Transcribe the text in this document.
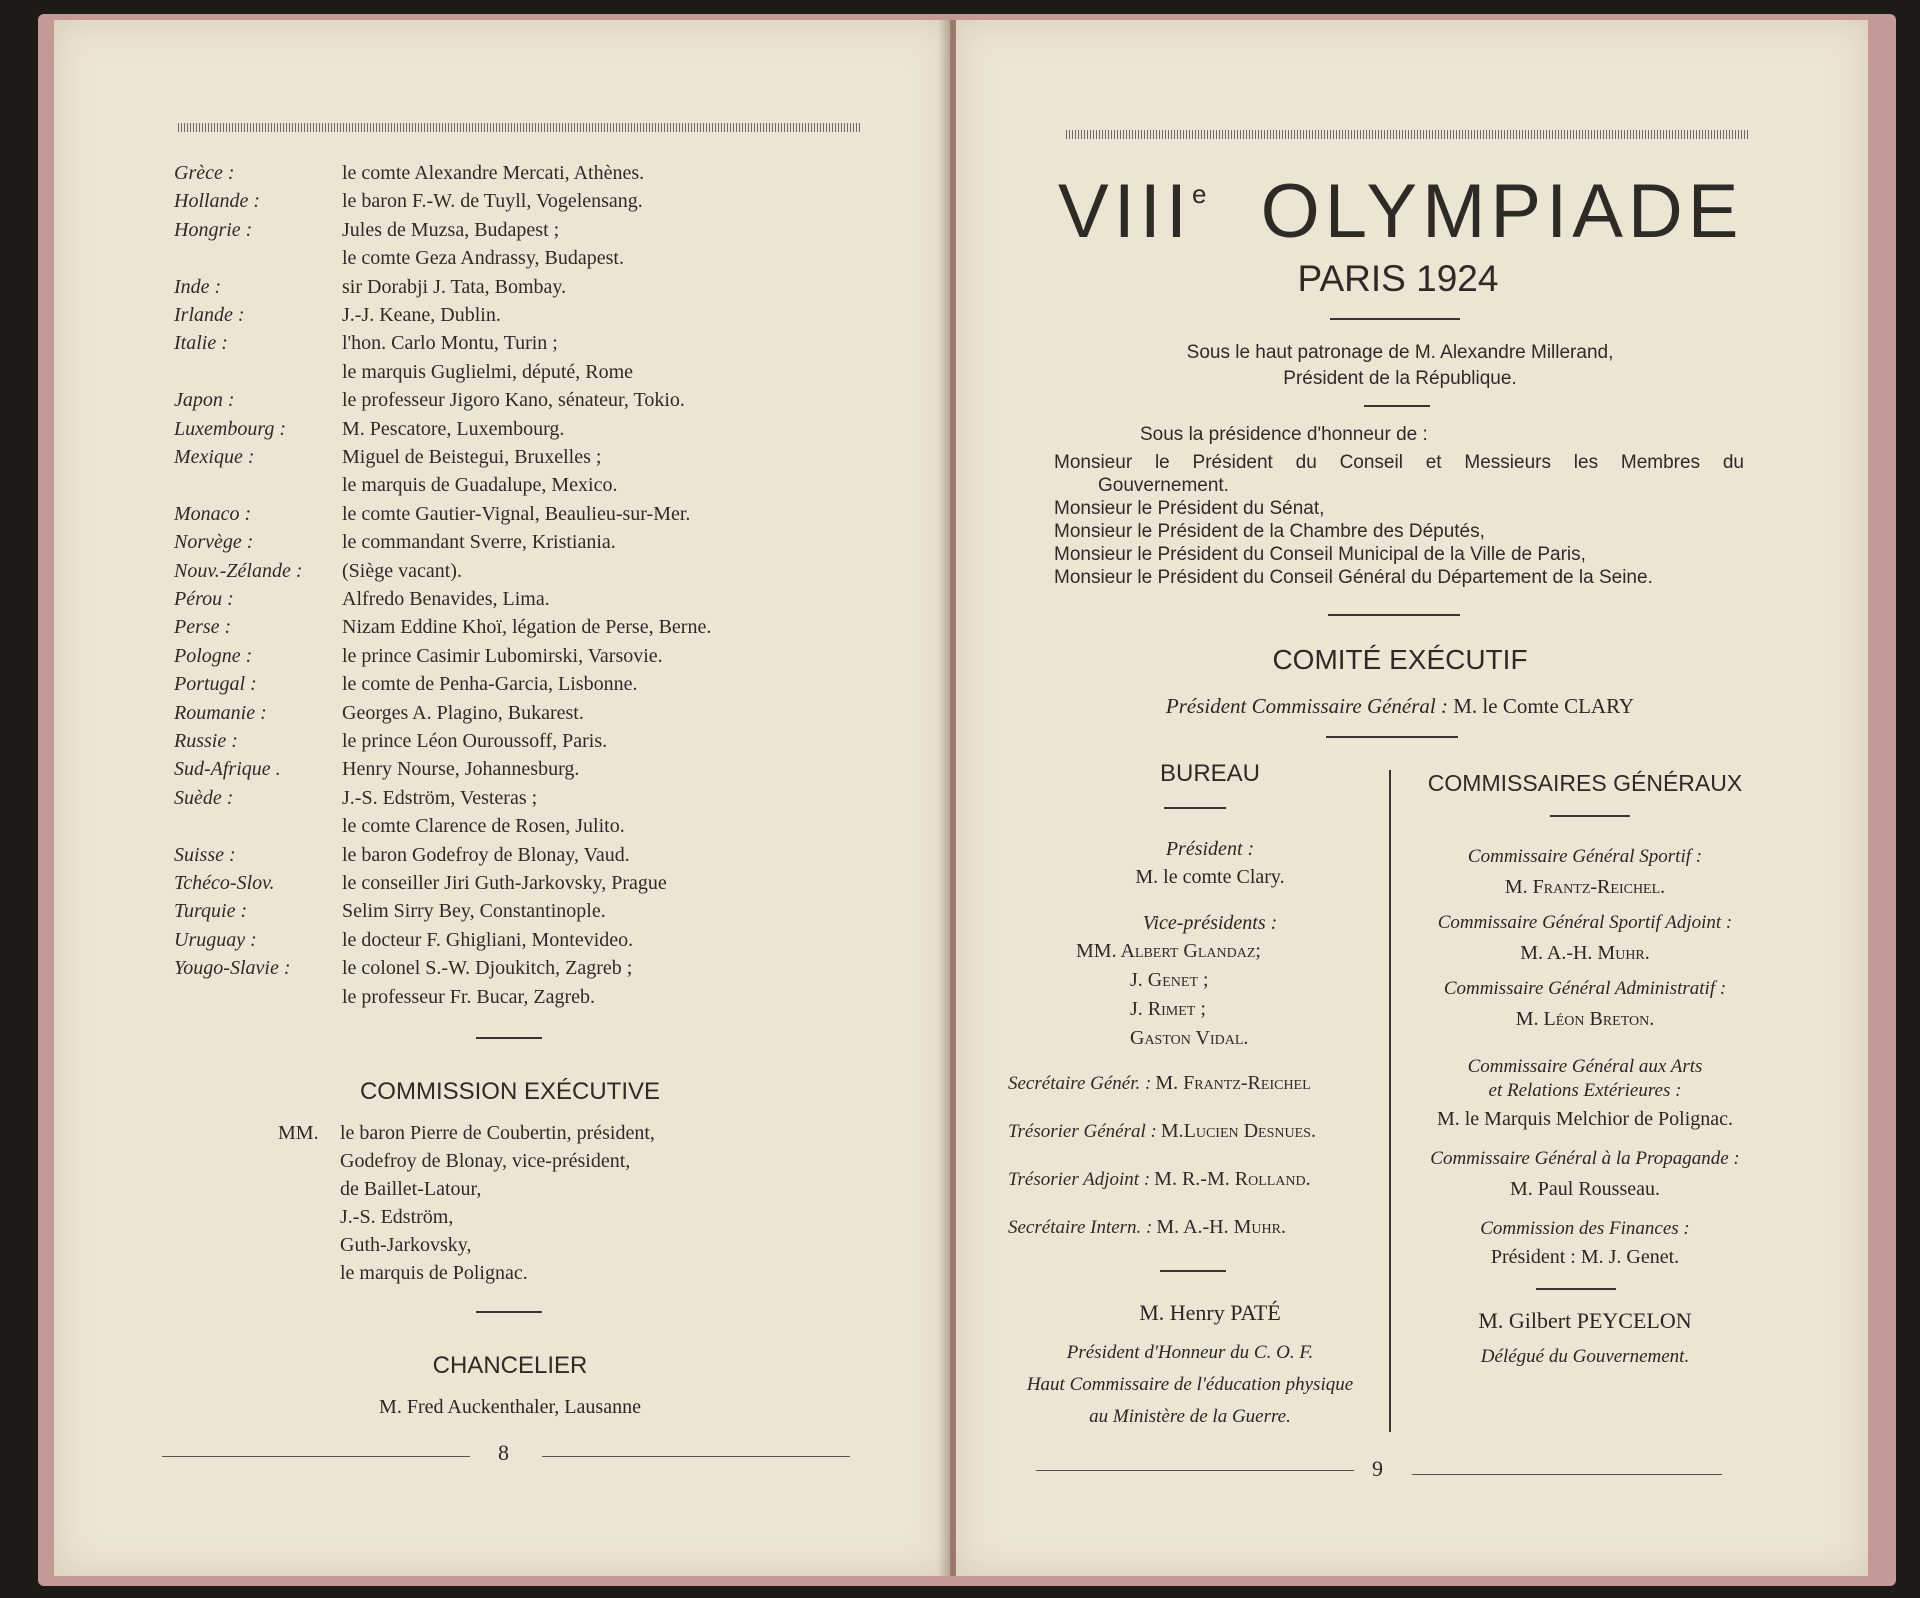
Grèce :	le comte Alexandre Mercati, Athènes.
Hollande :	le baron F.-W. de Tuyll, Vogelensang.
Hongrie :	Jules de Muzsa, Budapest ;
le comte Geza Andrassy, Budapest.
Inde :	sir Dorabji J. Tata, Bombay.
Irlande :	J.-J. Keane, Dublin.
Italie :	l'hon. Carlo Montu, Turin ;
le marquis Guglielmi, député, Rome
Japon :	le professeur Jigoro Kano, sénateur, Tokio.
Luxembourg :	M. Pescatore, Luxembourg.
Mexique :	Miguel de Beistegui, Bruxelles ;
le marquis de Guadalupe, Mexico.
Monaco :	le comte Gautier-Vignal, Beaulieu-sur-Mer.
Norvège :	le commandant Sverre, Kristiania.
Nouv.-Zélande : (Siège vacant).
Pérou :	Alfredo Benavides, Lima.
Perse :	Nizam Eddine Khoï, légation de Perse, Berne.
Pologne :	le prince Casimir Lubomirski, Varsovie.
Portugal :	le comte de Penha-Garcia, Lisbonne.
Roumanie :	Georges A. Plagino, Bukarest.
Russie :	le prince Léon Ouroussoff, Paris.
Sud-Afrique .	Henry Nourse, Johannesburg.
Suède :	J.-S. Edström, Vesteras ;
le comte Clarence de Rosen, Julito.
Suisse :	le baron Godefroy de Blonay, Vaud.
Tchéco-Slov.	le conseiller Jiri Guth-Jarkovsky, Prague
Turquie :	Selim Sirry Bey, Constantinople.
Uruguay :	le docteur F. Ghigliani, Montevideo.
Yougo-Slavie :	le colonel S.-W. Djoukitch, Zagreb ;
le professeur Fr. Bucar, Zagreb.
COMMISSION EXÉCUTIVE
MM. le baron Pierre de Coubertin, président,
Godefroy de Blonay, vice-président,
de Baillet-Latour,
J.-S. Edström,
Guth-Jarkovsky,
le marquis de Polignac.
CHANCELIER
M. Fred Auckenthaler, Lausanne
8
VIIIe OLYMPIADE
PARIS 1924
Sous le haut patronage de M. Alexandre Millerand,
Président de la République.
Sous la présidence d'honneur de :
Monsieur le Président du Conseil et Messieurs les Membres du
Gouvernement.
Monsieur le Président du Sénat,
Monsieur le Président de la Chambre des Députés,
Monsieur le Président du Conseil Municipal de la Ville de Paris,
Monsieur le Président du Conseil Général du Département de la Seine.
COMITÉ EXÉCUTIF
Président Commissaire Général : M. le Comte CLARY
BUREAU
Président :
M. le comte Clary.
Vice-présidents :
MM. Albert Glandaz;
J. Genet ;
J. Rimet ;
Gaston Vidal.
Secrétaire Génér. : M. Frantz-Reichel
Trésorier Général : M.Lucien Desnues.
Trésorier Adjoint : M. R.-M. Rolland.
Secrétaire Intern. : M. A.-H. Muhr.
M. Henry PATÉ
Président d'Honneur du C. O. F.
Haut Commissaire de l'éducation physique
au Ministère de la Guerre.
COMMISSAIRES GÉNÉRAUX
Commissaire Général Sportif :
M. Frantz-Reichel.
Commissaire Général Sportif Adjoint :
M. A.-H. Muhr.
Commissaire Général Administratif :
M. Léon Breton.
Commissaire Général aux Arts
et Relations Extérieures :
M. le Marquis Melchior de Polignac.
Commissaire Général à la Propagande :
M. Paul Rousseau.
Commission des Finances :
Président : M. J. Genet.
M. Gilbert PEYCELON
Délégué du Gouvernement.
9
